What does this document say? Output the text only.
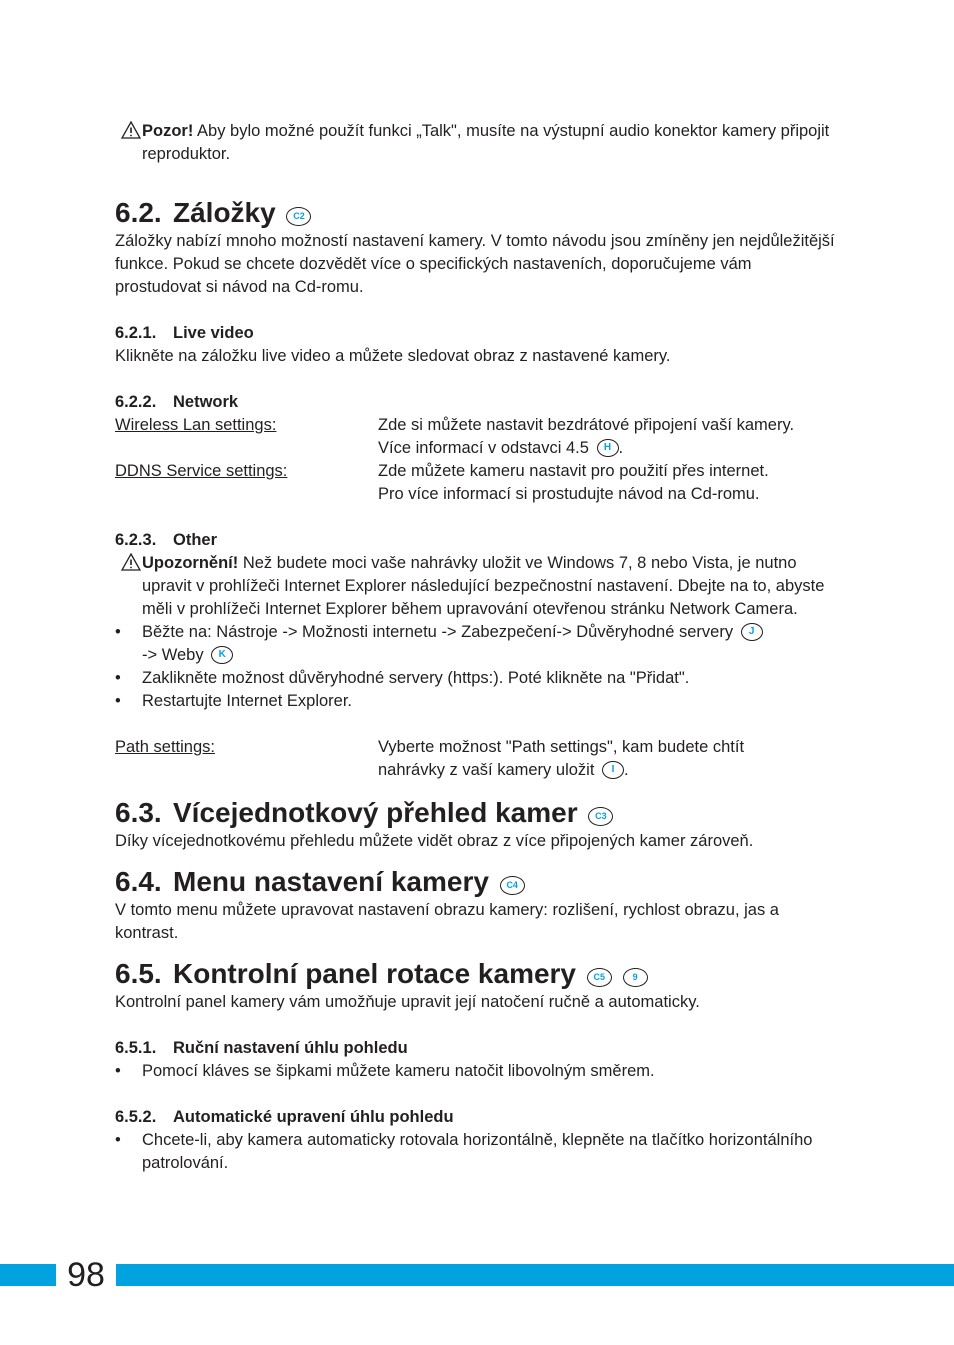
Pozor! Aby bylo možné použít funkci „Talk", musíte na výstupní audio konektor kamery připojit reproduktor.

6.2. Záložky C2

Záložky nabízí mnoho možností nastavení kamery. V tomto návodu jsou zmíněny jen nejdůležitější funkce. Pokud se chcete dozvědět více o specifických nastaveních, doporučujeme vám prostudovat si návod na Cd-romu.

6.2.1. Live video

Klikněte na záložku live video a můžete sledovat obraz z nastavené kamery.

6.2.2. Network
Wireless Lan settings:	Zde si můžete nastavit bezdrátové připojení vaší kamery.
Více informací v odstavci 4.5 H .
DDNS Service settings:	Zde můžete kameru nastavit pro použití přes internet.
Pro více informací si prostudujte návod na Cd-romu.
6.2.3. Other

Upozornění! Než budete moci vaše nahrávky uložit ve Windows 7, 8 nebo Vista, je nutno upravit v prohlížeči Internet Explorer následující bezpečnostní nastavení. Dbejte na to, abyste měli v prohlížeči Internet Explorer během upravování otevřenou stránku Network Camera.

• Běžte na: Nástroje -> Možnosti internetu -> Zabezpečení-> Důvěryhodné servery J
-> Weby K
• Zaklikněte možnost důvěryhodné servery (https:). Poté klikněte na "Přidat".
• Restartujte Internet Explorer.
Path settings:	Vyberte možnost "Path settings", kam budete chtít
nahrávky z vaší kamery uložit I .
6.3. Vícejednotkový přehled kamer C3

Díky vícejednotkovému přehledu můžete vidět obraz z více připojených kamer zároveň.

6.4. Menu nastavení kamery C4

V tomto menu můžete upravovat nastavení obrazu kamery: rozlišení, rychlost obrazu, jas a kontrast.

6.5. Kontrolní panel rotace kamery C5	9

Kontrolní panel kamery vám umožňuje upravit její natočení ručně a automaticky.

6.5.1. Ruční nastavení úhlu pohledu
• Pomocí kláves se šipkami můžete kameru natočit libovolným směrem.
6.5.2. Automatické upravení úhlu pohledu
• Chcete-li, aby kamera automaticky rotovala horizontálně, klepněte na tlačítko horizontálního patrolování.
98
